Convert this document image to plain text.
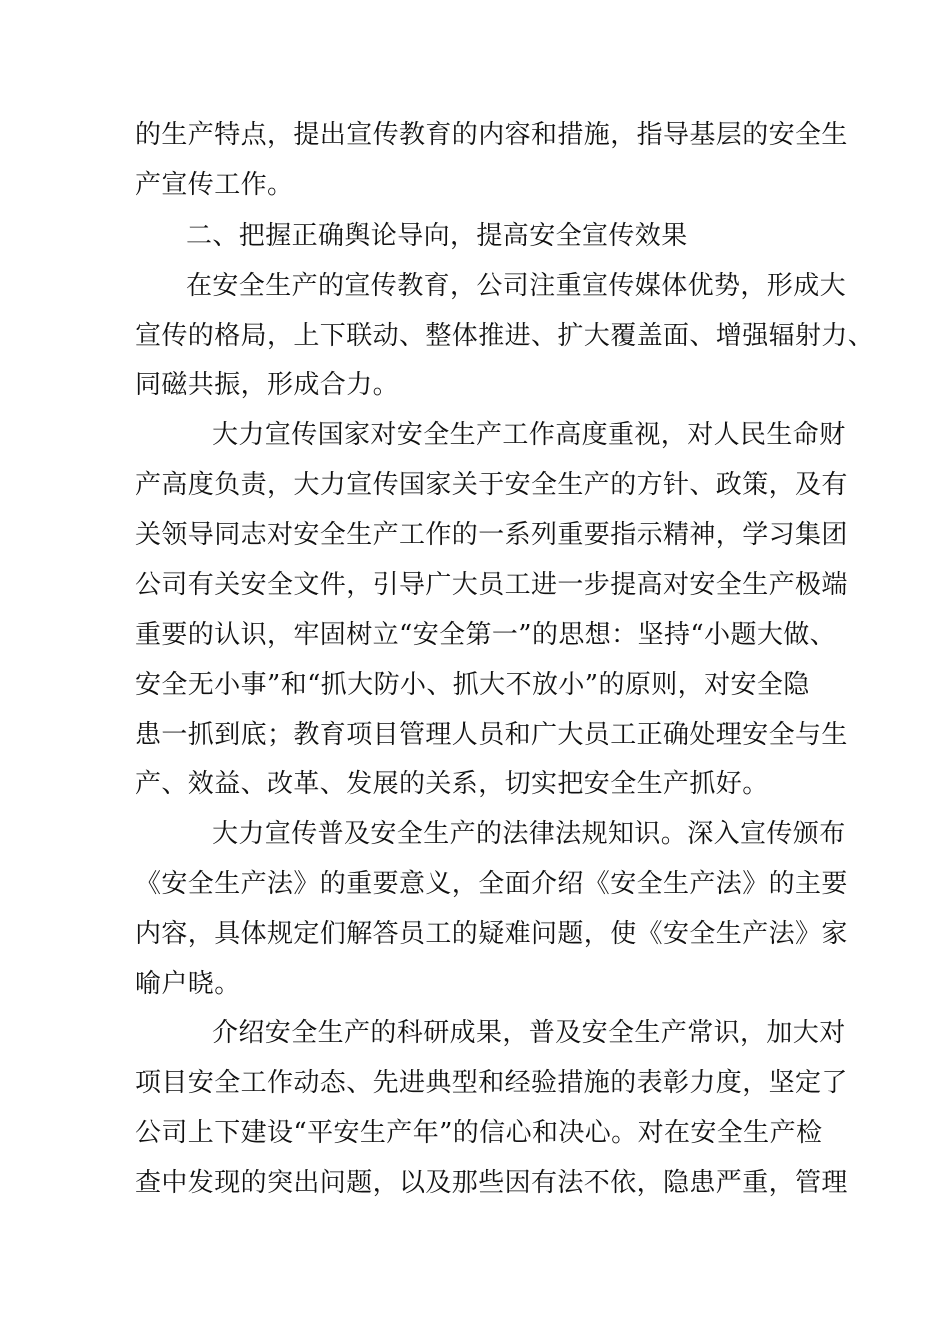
的生产特点，提出宣传教育的内容和措施，指导基层的安全生
产宣传工作。
二、把握正确舆论导向，提高安全宣传效果
在安全生产的宣传教育，公司注重宣传媒体优势，形成大
宣传的格局，上下联动、整体推进、扩大覆盖面、增强辐射力、
同磁共振，形成合力。
大力宣传国家对安全生产工作高度重视，对人民生命财
产高度负责，大力宣传国家关于安全生产的方针、政策，及有
关领导同志对安全生产工作的一系列重要指示精神，学习集团
公司有关安全文件，引导广大员工进一步提高对安全生产极端
重要的认识，牢固树立“安全第一”的思想：坚持“小题大做、
安全无小事”和“抓大防小、抓大不放小”的原则，对安全隐
患一抓到底；教育项目管理人员和广大员工正确处理安全与生
产、效益、改革、发展的关系，切实把安全生产抓好。
大力宣传普及安全生产的法律法规知识。深入宣传颁布
《安全生产法》的重要意义，全面介绍《安全生产法》的主要
内容，具体规定们解答员工的疑难问题，使《安全生产法》家
喻户晓。
介绍安全生产的科研成果，普及安全生产常识，加大对
项目安全工作动态、先进典型和经验措施的表彰力度，坚定了
公司上下建设“平安生产年”的信心和决心。对在安全生产检
查中发现的突出问题，以及那些因有法不依，隐患严重，管理
